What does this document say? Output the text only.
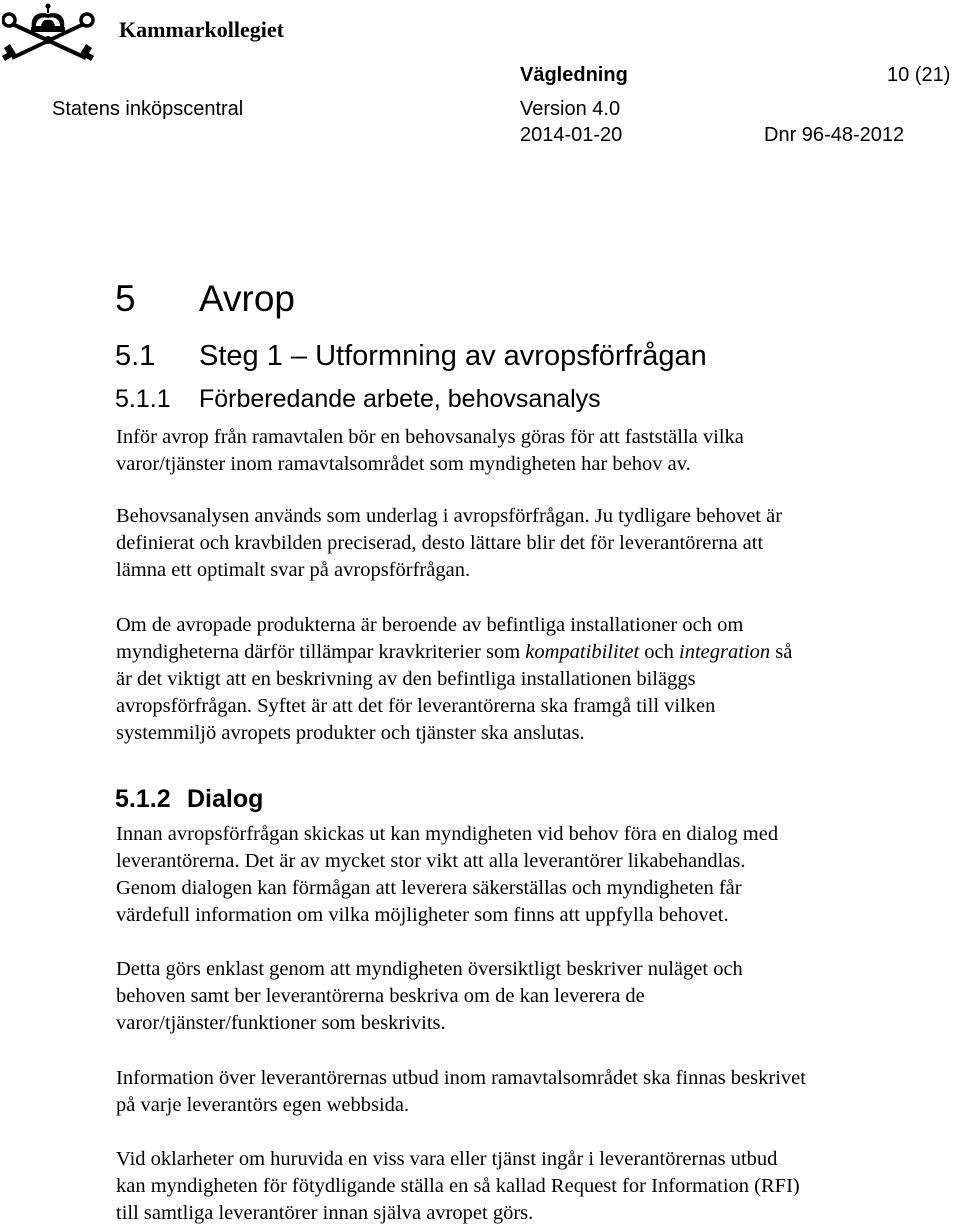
Kammarkollegiet
Vägledning	10 (21)
Statens inköpscentral	Version 4.0
2014-01-20	Dnr 96-48-2012
5 Avrop
5.1 Steg 1 – Utformning av avropsförfrågan
5.1.1 Förberedande arbete, behovsanalys
Inför avrop från ramavtalen bör en behovsanalys göras för att fastställa vilka
varor/tjänster inom ramavtalsområdet som myndigheten har behov av.
Behovsanalysen används som underlag i avropsförfrågan. Ju tydligare behovet är
definierat och kravbilden preciserad, desto lättare blir det för leverantörerna att
lämna ett optimalt svar på avropsförfrågan.
Om de avropade produkterna är beroende av befintliga installationer och om
myndigheterna därför tillämpar kravkriterier som kompatibilitet och integration så
är det viktigt att en beskrivning av den befintliga installationen biläggs
avropsförfrågan. Syftet är att det för leverantörerna ska framgå till vilken
systemmiljö avropets produkter och tjänster ska anslutas.
5.1.2 Dialog
Innan avropsförfrågan skickas ut kan myndigheten vid behov föra en dialog med
leverantörerna. Det är av mycket stor vikt att alla leverantörer likabehandlas.
Genom dialogen kan förmågan att leverera säkerställas och myndigheten får
värdefull information om vilka möjligheter som finns att uppfylla behovet.
Detta görs enklast genom att myndigheten översiktligt beskriver nuläget och
behoven samt ber leverantörerna beskriva om de kan leverera de
varor/tjänster/funktioner som beskrivits.
Information över leverantörernas utbud inom ramavtalsområdet ska finnas beskrivet
på varje leverantörs egen webbsida.
Vid oklarheter om huruvida en viss vara eller tjänst ingår i leverantörernas utbud
kan myndigheten för fötydligande ställa en så kallad Request for Information (RFI)
till samtliga leverantörer innan själva avropet görs.
